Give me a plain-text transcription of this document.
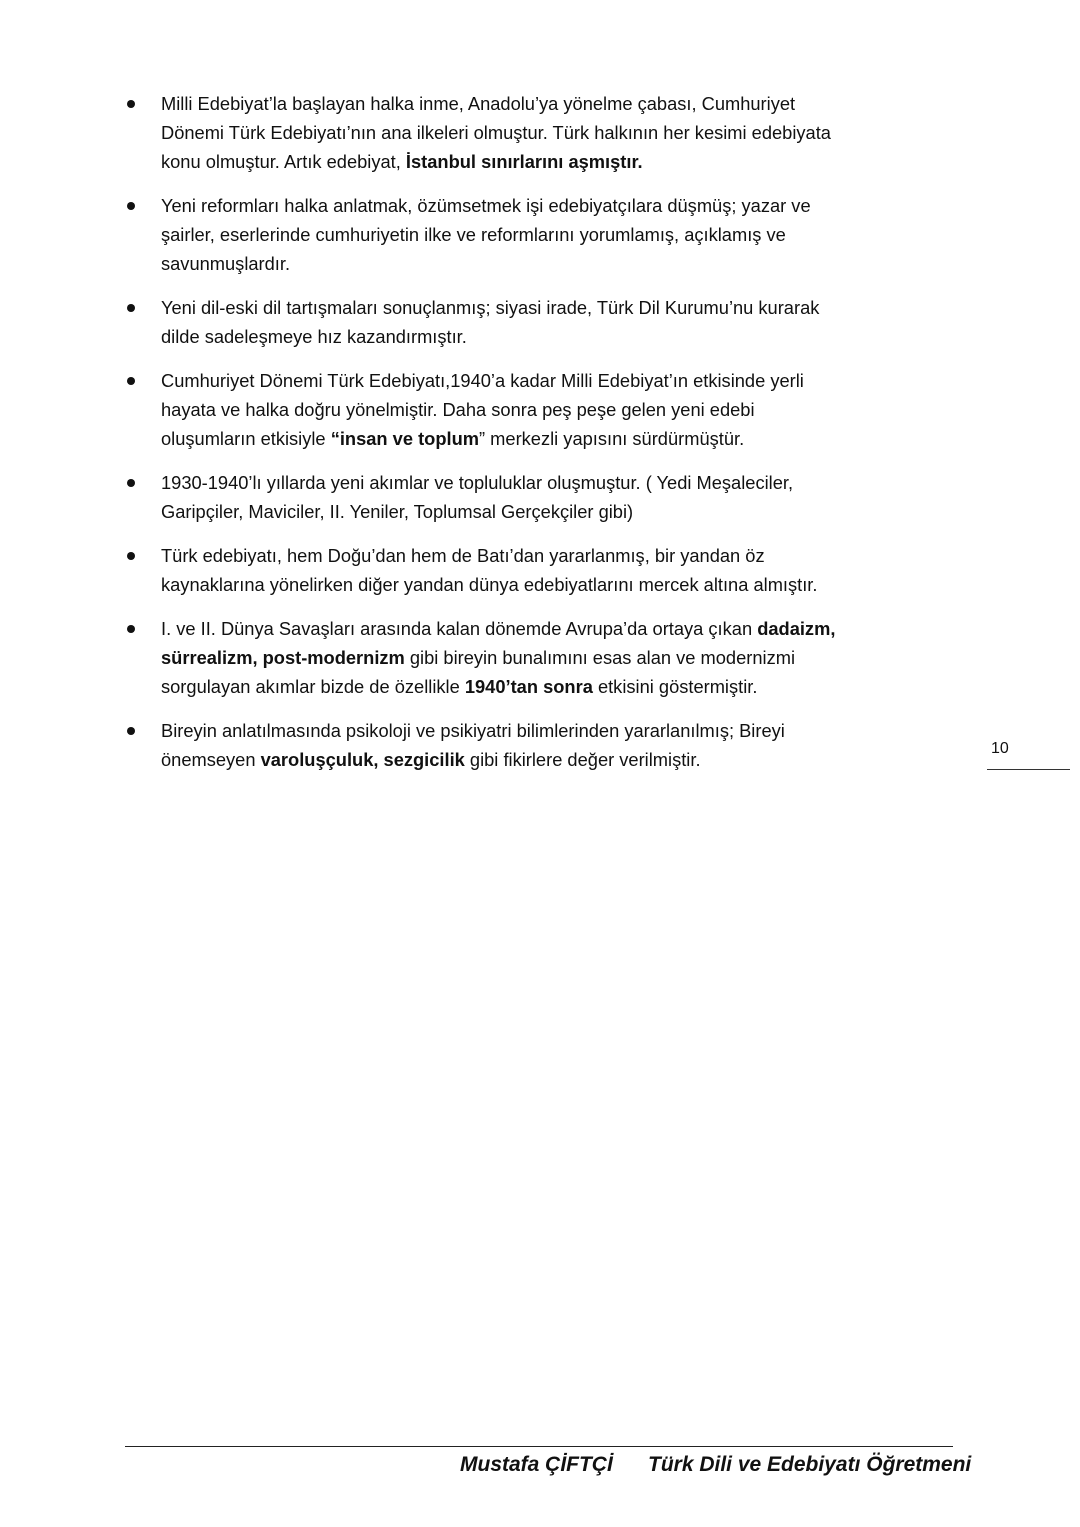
Milli Edebiyat’la başlayan halka inme, Anadolu’ya yönelme çabası, Cumhuriyet
Dönemi Türk Edebiyatı’nın ana ilkeleri olmuştur. Türk halkının her kesimi edebiyata
konu olmuştur. Artık edebiyat, İstanbul sınırlarını aşmıştır.
Yeni reformları halka anlatmak, özümsetmek işi edebiyatçılara düşmüş; yazar ve
şairler, eserlerinde cumhuriyetin ilke ve reformlarını yorumlamış, açıklamış ve
savunmuşlardır.
Yeni dil-eski dil tartışmaları sonuçlanmış; siyasi irade, Türk Dil Kurumu’nu kurarak
dilde sadeleşmeye hız kazandırmıştır.
Cumhuriyet Dönemi Türk Edebiyatı,1940’a kadar Milli Edebiyat’ın etkisinde yerli
hayata ve halka doğru yönelmiştir. Daha sonra peş peşe gelen yeni edebi
oluşumların etkisiyle “insan ve toplum” merkezli yapısını sürdürmüştür.
1930-1940’lı yıllarda yeni akımlar ve topluluklar oluşmuştur. ( Yedi Meşaleciler,
Garipçiler, Maviciler, II. Yeniler, Toplumsal Gerçekçiler gibi)
Türk edebiyatı, hem Doğu’dan hem de Batı’dan yararlanmış, bir yandan öz
kaynaklarına yönelirken diğer yandan dünya edebiyatlarını mercek altına almıştır.
I. ve II. Dünya Savaşları arasında kalan dönemde Avrupa’da ortaya çıkan dadaizm,
sürrealizm, post-modernizm gibi bireyin bunalımını esas alan ve modernizmi
sorgulayan akımlar bizde de özellikle 1940’tan sonra etkisini göstermiştir.
Bireyin anlatılmasında psikoloji ve psikiyatri bilimlerinden yararlanılmış; Bireyi
önemseyen varoluşçuluk, sezgicilik gibi fikirlere değer verilmiştir.
10
Mustafa ÇİFTÇİ Türk Dili ve Edebiyatı Öğretmeni
